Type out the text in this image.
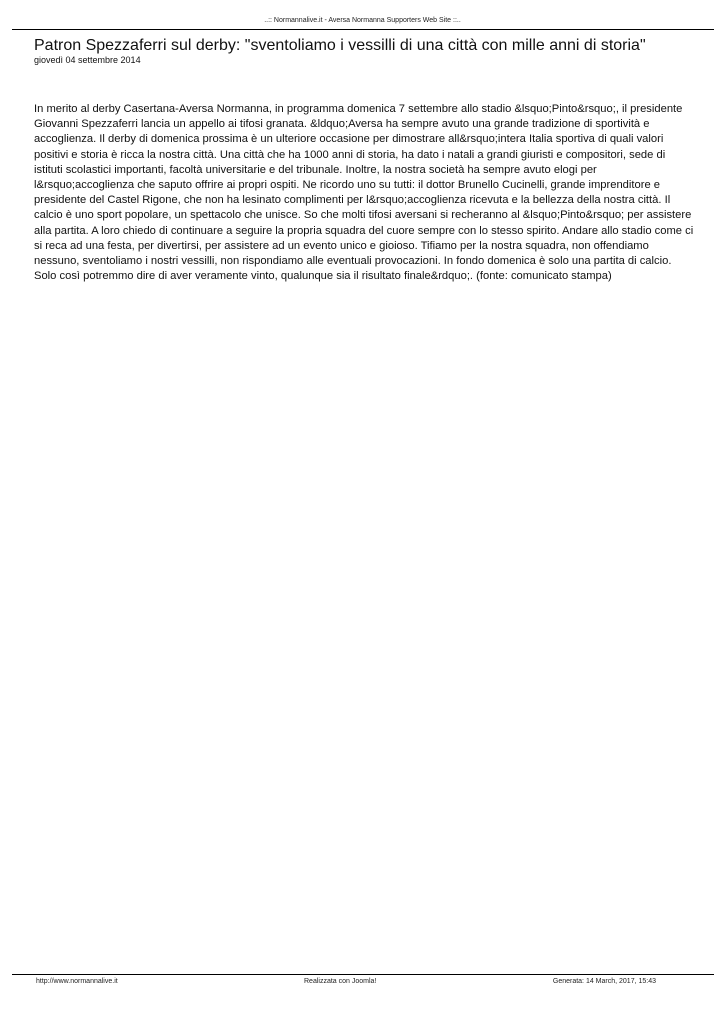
..:: Normannalive.it - Aversa Normanna Supporters Web Site ::..
Patron Spezzaferri sul derby: "sventoliamo i vessilli di una città con mille anni di storia"
giovedì 04 settembre 2014

In merito al derby Casertana-Aversa Normanna, in programma domenica 7 settembre allo stadio &lsquo;Pinto&rsquo;, il presidente Giovanni Spezzaferri lancia un appello ai tifosi granata. &ldquo;Aversa ha sempre avuto una grande tradizione di sportività e accoglienza. Il derby di domenica prossima è un ulteriore occasione per dimostrare all&rsquo;intera Italia sportiva di quali valori positivi e storia è ricca la nostra città. Una città che ha 1000 anni di storia, ha dato i natali a grandi giuristi e compositori, sede di istituti scolastici importanti, facoltà universitarie e del tribunale. Inoltre, la nostra società ha sempre avuto elogi per l&rsquo;accoglienza che saputo offrire ai propri ospiti. Ne ricordo uno su tutti: il dottor Brunello Cucinelli, grande imprenditore e presidente del Castel Rigone, che non ha lesinato complimenti per l&rsquo;accoglienza ricevuta e la bellezza della nostra città. Il calcio è uno sport popolare, un spettacolo che unisce. So che molti tifosi aversani si recheranno al &lsquo;Pinto&rsquo; per assistere alla partita. A loro chiedo di continuare a seguire la propria squadra del cuore sempre con lo stesso spirito. Andare allo stadio come ci si reca ad una festa, per divertirsi, per assistere ad un evento unico e gioioso. Tifiamo per la nostra squadra, non offendiamo nessuno, sventoliamo i nostri vessilli, non rispondiamo alle eventuali provocazioni. In fondo domenica è solo una partita di calcio. Solo così potremmo dire di aver veramente vinto, qualunque sia il risultato finale&rdquo;. (fonte: comunicato stampa)

http://www.normannalive.it	Realizzata con Joomla!	Generata: 14 March, 2017, 15:43
